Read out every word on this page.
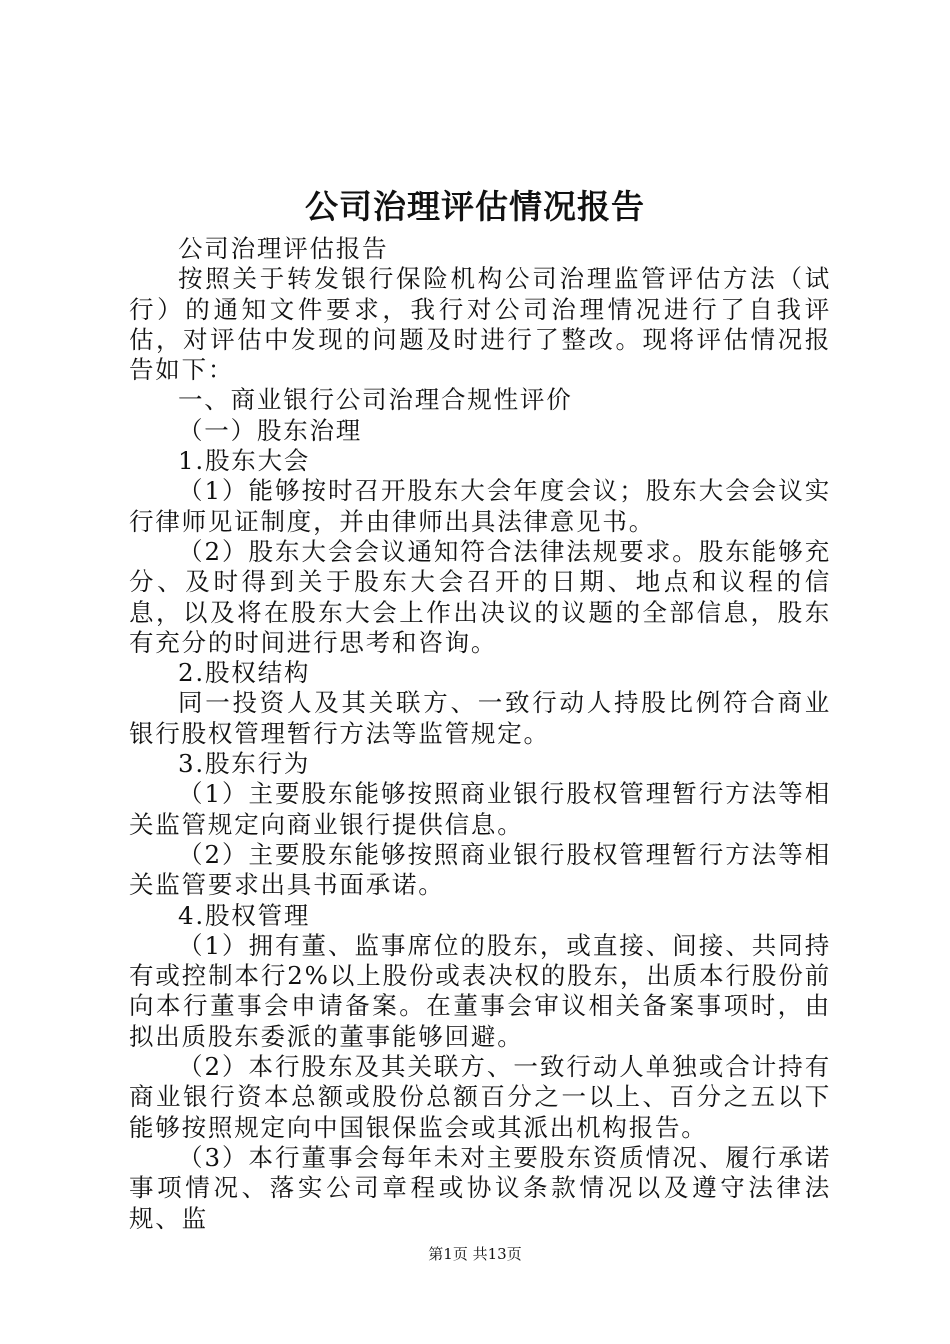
公司治理评估情况报告

公司治理评估报告

按照关于转发银行保险机构公司治理监管评估方法（试行）的通知文件要求，我行对公司治理情况进行了自我评估，对评估中发现的问题及时进行了整改。现将评估情况报告如下：

一、商业银行公司治理合规性评价

（一）股东治理

1.股东大会

（1）能够按时召开股东大会年度会议；股东大会会议实行律师见证制度，并由律师出具法律意见书。

（2）股东大会会议通知符合法律法规要求。股东能够充分、及时得到关于股东大会召开的日期、地点和议程的信息，以及将在股东大会上作出决议的议题的全部信息，股东有充分的时间进行思考和咨询。

2.股权结构

同一投资人及其关联方、一致行动人持股比例符合商业银行股权管理暂行方法等监管规定。

3.股东行为

（1）主要股东能够按照商业银行股权管理暂行方法等相关监管规定向商业银行提供信息。

（2）主要股东能够按照商业银行股权管理暂行方法等相关监管要求出具书面承诺。

4.股权管理

（1）拥有董、监事席位的股东，或直接、间接、共同持有或控制本行2%以上股份或表决权的股东，出质本行股份前向本行董事会申请备案。在董事会审议相关备案事项时，由拟出质股东委派的董事能够回避。

（2）本行股东及其关联方、一致行动人单独或合计持有商业银行资本总额或股份总额百分之一以上、百分之五以下能够按照规定向中国银保监会或其派出机构报告。

（3）本行董事会每年未对主要股东资质情况、履行承诺事项情况、落实公司章程或协议条款情况以及遵守法律法规、监

第1页 共13页
